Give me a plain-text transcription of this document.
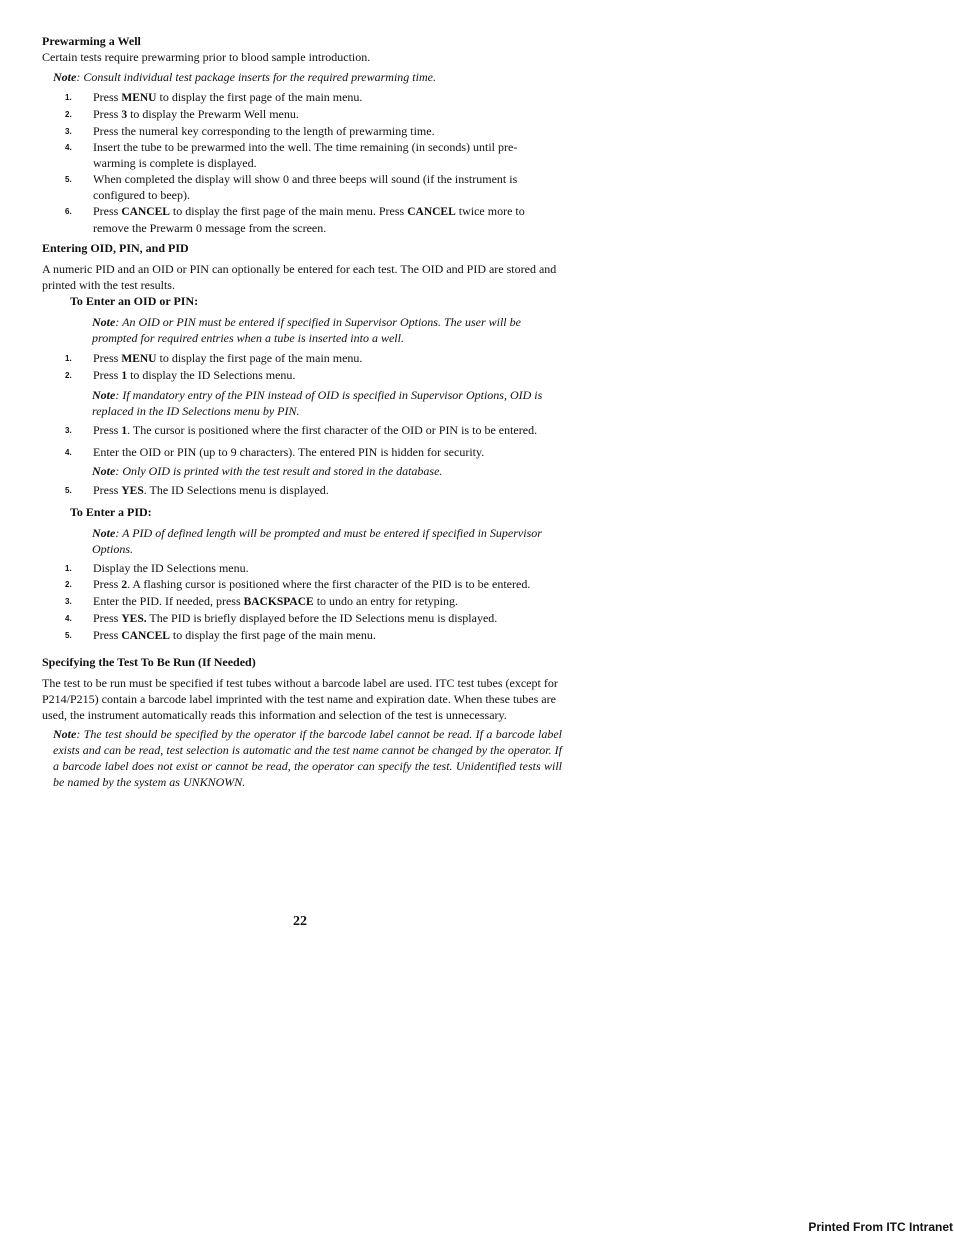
Prewarming a Well

Certain tests require prewarming prior to blood sample introduction.

Note: Consult individual test package inserts for the required prewarming time.

1. Press MENU to display the first page of the main menu.
2. Press 3 to display the Prewarm Well menu.
3. Press the numeral key corresponding to the length of prewarming time.
4. Insert the tube to be prewarmed into the well. The time remaining (in seconds) until pre-warming is complete is displayed.
5. When completed the display will show 0 and three beeps will sound (if the instrument is configured to beep).
6. Press CANCEL to display the first page of the main menu. Press CANCEL twice more to remove the Prewarm 0 message from the screen.
Entering OID, PIN, and PID

A numeric PID and an OID or PIN can optionally be entered for each test. The OID and PID are stored and printed with the test results.

To Enter an OID or PIN:

Note: An OID or PIN must be entered if specified in Supervisor Options. The user will be prompted for required entries when a tube is inserted into a well.

1. Press MENU to display the first page of the main menu.
2. Press 1 to display the ID Selections menu.

Note: If mandatory entry of the PIN instead of OID is specified in Supervisor Options, OID is replaced in the ID Selections menu by PIN.

3. Press 1. The cursor is positioned where the first character of the OID or PIN is to be entered.
4. Enter the OID or PIN (up to 9 characters). The entered PIN is hidden for security.

Note: Only OID is printed with the test result and stored in the database.

5. Press YES. The ID Selections menu is displayed.
To Enter a PID:

Note: A PID of defined length will be prompted and must be entered if specified in Supervisor Options.

1. Display the ID Selections menu.
2. Press 2. A flashing cursor is positioned where the first character of the PID is to be entered.
3. Enter the PID. If needed, press BACKSPACE to undo an entry for retyping.
4. Press YES. The PID is briefly displayed before the ID Selections menu is displayed.
5. Press CANCEL to display the first page of the main menu.
Specifying the Test To Be Run (If Needed)

The test to be run must be specified if test tubes without a barcode label are used. ITC test tubes (except for P214/P215) contain a barcode label imprinted with the test name and expiration date. When these tubes are used, the instrument automatically reads this information and selection of the test is unnecessary.

Note: The test should be specified by the operator if the barcode label cannot be read. If a barcode label exists and can be read, test selection is automatic and the test name cannot be changed by the operator. If a barcode label does not exist or cannot be read, the operator can specify the test. Unidentified tests will be named by the system as UNKNOWN.

22
Printed From ITC Intranet
